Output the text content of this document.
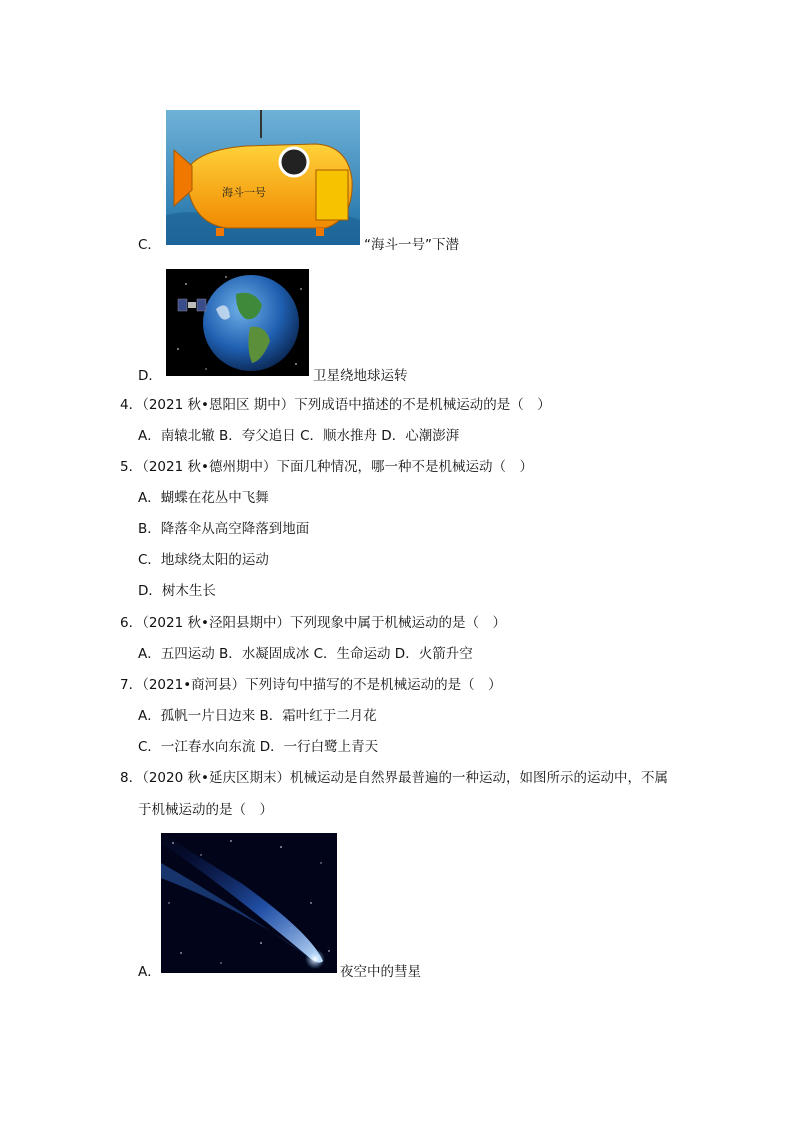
海斗一号
C．	“海斗一号”下潜
D．	卫星绕地球运转
4．（2021 秋•恩阳区 期中）下列成语中描述的不是机械运动的是（　）
A．南辕北辙 B．夸父追日 C．顺水推舟 D．心潮澎湃
5．（2021 秋•德州期中）下面几种情况，哪一种不是机械运动（　）
A．蝴蝶在花丛中飞舞
B．降落伞从高空降落到地面
C．地球绕太阳的运动
D．树木生长
6．（2021 秋•泾阳县期中）下列现象中属于机械运动的是（　）
A．五四运动 B．水凝固成冰 C．生命运动 D．火箭升空
7．（2021•商河县）下列诗句中描写的不是机械运动的是（　）
A．孤帆一片日边来 B．霜叶红于二月花
C．一江春水向东流 D．一行白鹭上青天
8．（2020 秋•延庆区期末）机械运动是自然界最普遍的一种运动，如图所示的运动中，不属
于机械运动的是（　）
A．	夜空中的彗星
